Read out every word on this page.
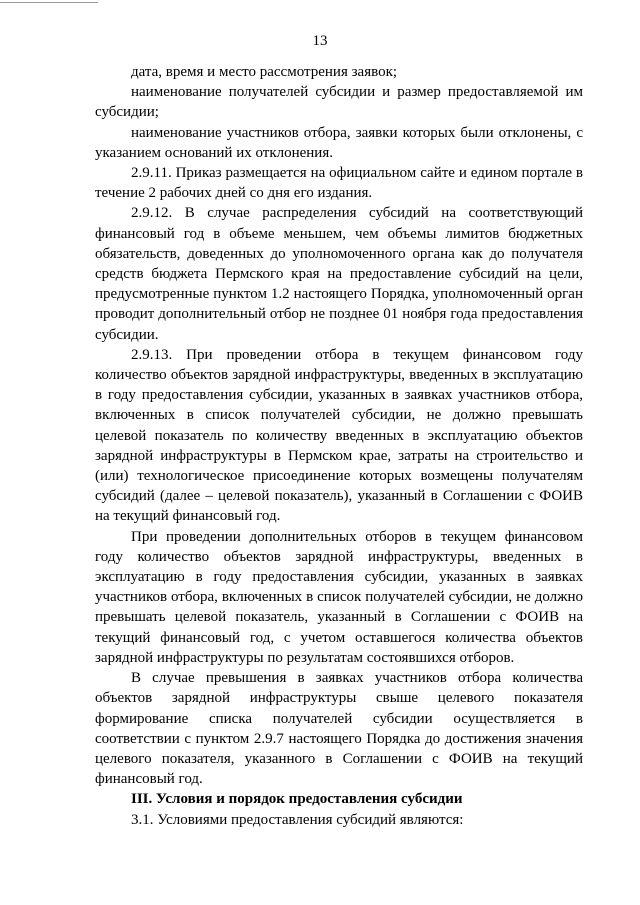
13

дата, время и место рассмотрения заявок;

наименование получателей субсидии и размер предоставляемой им субсидии;

наименование участников отбора, заявки которых были отклонены, с указанием оснований их отклонения.

2.9.11. Приказ размещается на официальном сайте и едином портале в течение 2 рабочих дней со дня его издания.

2.9.12. В случае распределения субсидий на соответствующий финансовый год в объеме меньшем, чем объемы лимитов бюджетных обязательств, доведенных до уполномоченного органа как до получателя средств бюджета Пермского края на предоставление субсидий на цели, предусмотренные пунктом 1.2 настоящего Порядка, уполномоченный орган проводит дополнительный отбор не позднее 01 ноября года предоставления субсидии.

2.9.13. При проведении отбора в текущем финансовом году количество объектов зарядной инфраструктуры, введенных в эксплуатацию в году предоставления субсидии, указанных в заявках участников отбора, включенных в список получателей субсидии, не должно превышать целевой показатель по количеству введенных в эксплуатацию объектов зарядной инфраструктуры в Пермском крае, затраты на строительство и (или) технологическое присоединение которых возмещены получателям субсидий (далее – целевой показатель), указанный в Соглашении с ФОИВ на текущий финансовый год.

При проведении дополнительных отборов в текущем финансовом году количество объектов зарядной инфраструктуры, введенных в эксплуатацию в году предоставления субсидии, указанных в заявках участников отбора, включенных в список получателей субсидии, не должно превышать целевой показатель, указанный в Соглашении с ФОИВ на текущий финансовый год, с учетом оставшегося количества объектов зарядной инфраструктуры по результатам состоявшихся отборов.

В случае превышения в заявках участников отбора количества объектов зарядной инфраструктуры свыше целевого показателя формирование списка получателей субсидии осуществляется в соответствии с пунктом 2.9.7 настоящего Порядка до достижения значения целевого показателя, указанного в Соглашении с ФОИВ на текущий финансовый год.

III. Условия и порядок предоставления субсидии

3.1. Условиями предоставления субсидий являются:
